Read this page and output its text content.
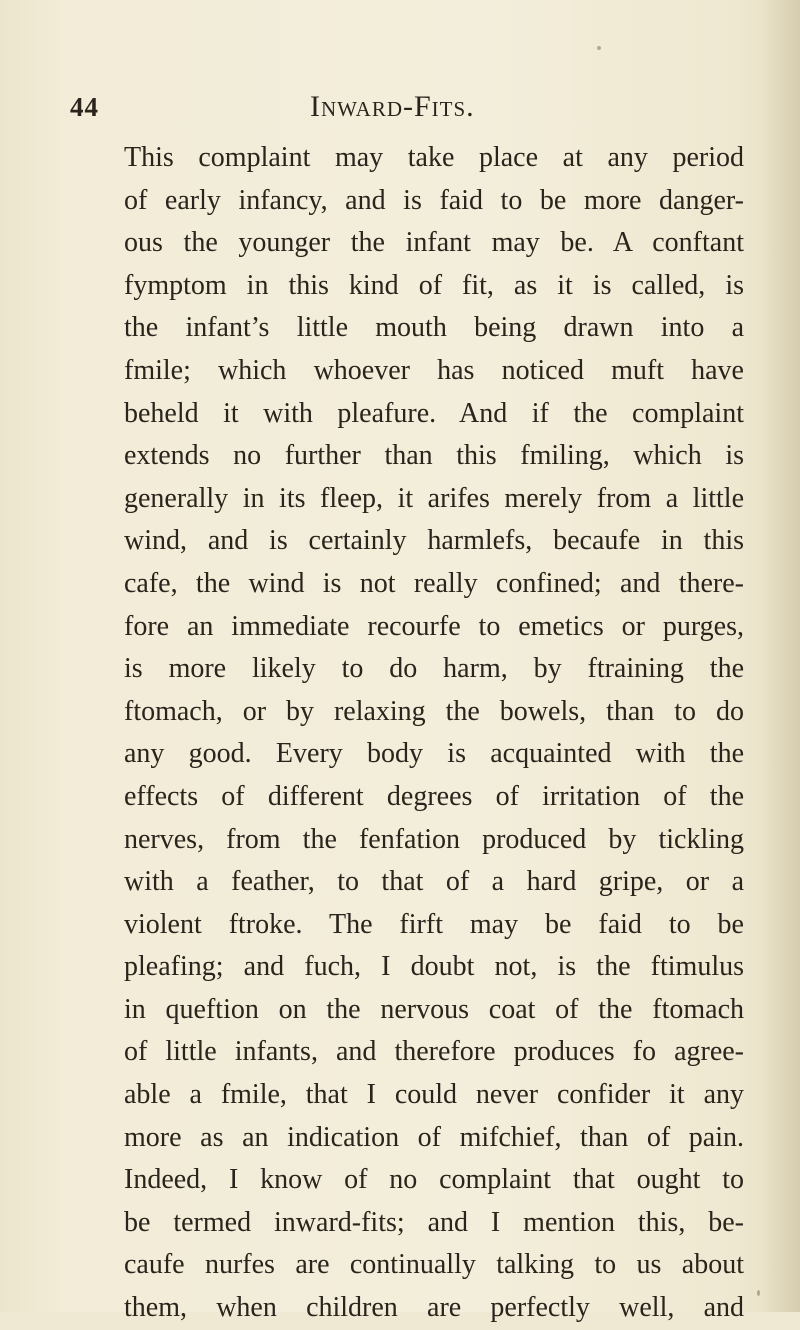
44	Inward-Fits.
This complaint may take place at any period
of early infancy, and is faid to be more danger-
ous the younger the infant may be. A conftant
fymptom in this kind of fit, as it is called, is
the infant’s little mouth being drawn into a
fmile; which whoever has noticed muft have
beheld it with pleafure. And if the complaint
extends no further than this fmiling, which is
generally in its fleep, it arifes merely from a little
wind, and is certainly harmlefs, becaufe in this
cafe, the wind is not really confined; and there-
fore an immediate recourfe to emetics or purges,
is more likely to do harm, by ftraining the
ftomach, or by relaxing the bowels, than to do
any good. Every body is acquainted with the
effects of different degrees of irritation of the
nerves, from the fenfation produced by tickling
with a feather, to that of a hard gripe, or a
violent ftroke. The firft may be faid to be
pleafing; and fuch, I doubt not, is the ftimulus
in queftion on the nervous coat of the ftomach
of little infants, and therefore produces fo agree-
able a fmile, that I could never confider it any
more as an indication of mifchief, than of pain.
Indeed, I know of no complaint that ought to
be termed inward-fits; and I mention this, be-
caufe nurfes are continually talking to us about
them, when children are perfectly well, and
